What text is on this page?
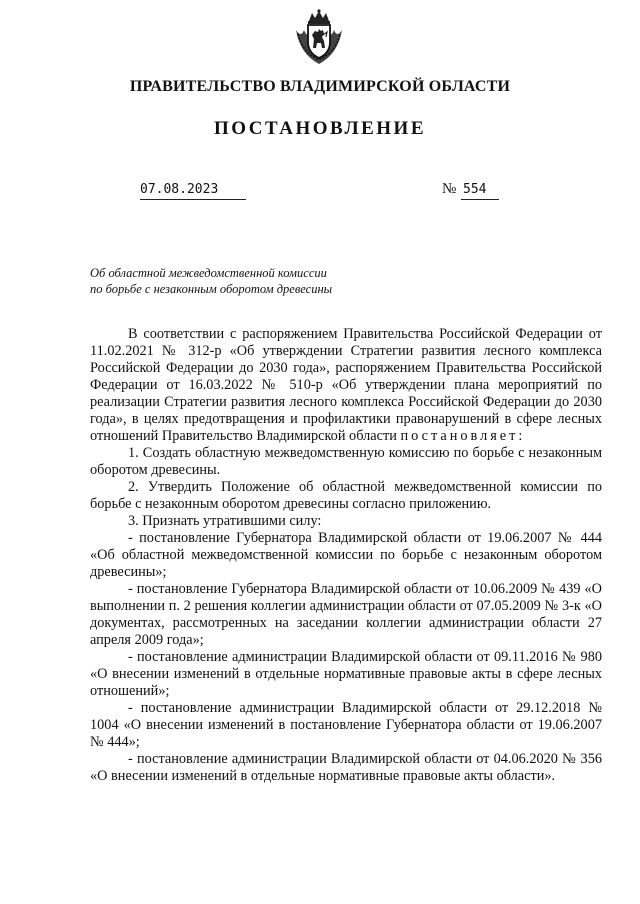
ПРАВИТЕЛЬСТВО ВЛАДИМИРСКОЙ ОБЛАСТИ
ПОСТАНОВЛЕНИЕ
07.08.2023	№ 554
Об областной межведомственной комиссии
по борьбе с незаконным оборотом древесины

В соответствии с распоряжением Правительства Российской Федерации от 11.02.2021 № 312-р «Об утверждении Стратегии развития лесного комплекса Российской Федерации до 2030 года», распоряжением Правительства Российской Федерации от 16.03.2022 № 510-р «Об утверждении плана мероприятий по реализации Стратегии развития лесного комплекса Российской Федерации до 2030 года», в целях предотвращения и профилактики правонарушений в сфере лесных отношений Правительство Владимирской области постановляет:

1. Создать областную межведомственную комиссию по борьбе с незаконным оборотом древесины.

2. Утвердить Положение об областной межведомственной комиссии по борьбе с незаконным оборотом древесины согласно приложению.

3. Признать утратившими силу:

- постановление Губернатора Владимирской области от 19.06.2007 № 444 «Об областной межведомственной комиссии по борьбе с незаконным оборотом древесины»;

- постановление Губернатора Владимирской области от 10.06.2009 № 439 «О выполнении п. 2 решения коллегии администрации области от 07.05.2009 № 3-к «О документах, рассмотренных на заседании коллегии администрации области 27 апреля 2009 года»;

- постановление администрации Владимирской области от 09.11.2016 № 980 «О внесении изменений в отдельные нормативные правовые акты в сфере лесных отношений»;

- постановление администрации Владимирской области от 29.12.2018 № 1004 «О внесении изменений в постановление Губернатора области от 19.06.2007 № 444»;

- постановление администрации Владимирской области от 04.06.2020 № 356 «О внесении изменений в отдельные нормативные правовые акты области».
